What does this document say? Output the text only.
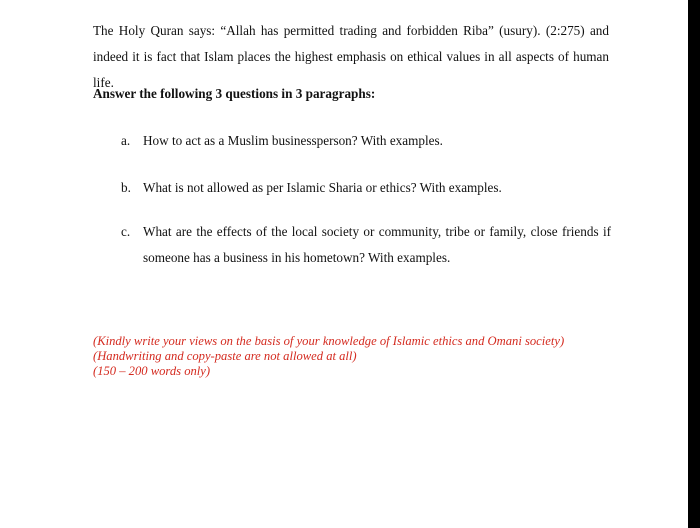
The Holy Quran says: “Allah has permitted trading and forbidden Riba” (usury). (2:275) and indeed it is fact that Islam places the highest emphasis on ethical values in all aspects of human life.

Answer the following 3 questions in 3 paragraphs:

a. How to act as a Muslim businessperson? With examples.
b. What is not allowed as per Islamic Sharia or ethics? With examples.
c. What are the effects of the local society or community, tribe or family, close friends if someone has a business in his hometown? With examples.
(Kindly write your views on the basis of your knowledge of Islamic ethics and Omani society)
(Handwriting and copy-paste are not allowed at all)
(150 – 200 words only)
